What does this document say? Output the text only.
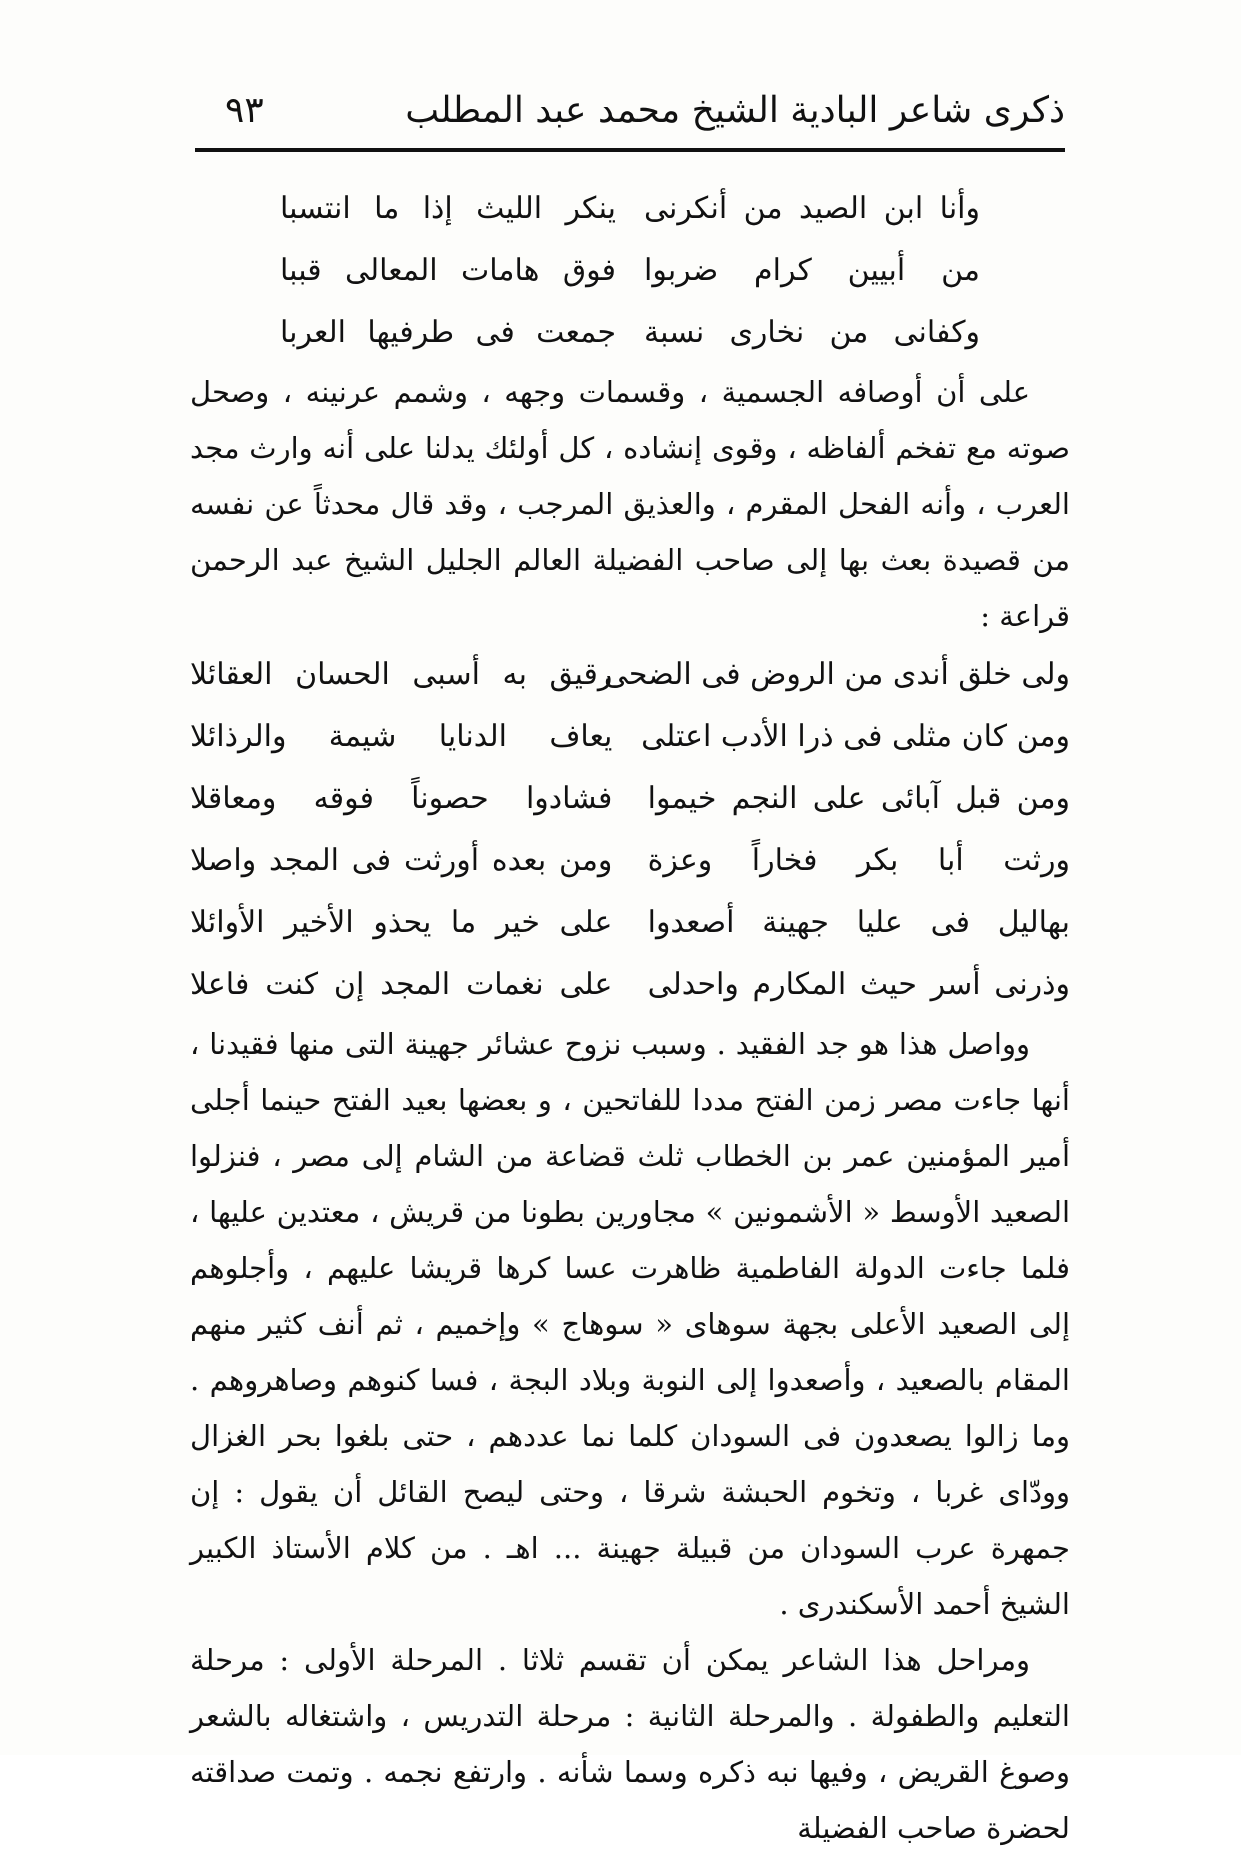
ذكرى شاعر البادية الشيخ محمد عبد المطلب
٩٣
وأنا ابن الصيد من أنكرنى
ينكر الليث إذا ما انتسبا
من أبيين كرام ضربوا
فوق هامات المعالى قببا
وكفانى من نخارى نسبة
جمعت فى طرفيها العربا

على أن أوصافه الجسمية ، وقسمات وجهه ، وشمم عرنينه ، وصحل صوته مع تفخم ألفاظه ، وقوى إنشاده ، كل أولئك يدلنا على أنه وارث مجد العرب ، وأنه الفحل المقرم ، والعذيق المرجب ، وقد قال محدثاً عن نفسه من قصيدة بعث بها إلى صاحب الفضيلة العالم الجليل الشيخ عبد الرحمن قراعة :

ولى خلق أندى من الروض فى الضحى
رقيق به أسبى الحسان العقائلا
ومن كان مثلى فى ذرا الأدب اعتلى
يعاف الدنايا شيمة والرذائلا
ومن قبل آبائى على النجم خيموا
فشادوا حصوناً فوقه ومعاقلا
ورثت أبا بكر فخاراً وعزة
ومن بعده أورثت فى المجد واصلا
بهاليل فى عليا جهينة أصعدوا
على خير ما يحذو الأخير الأوائلا
وذرنى أسر حيث المكارم واحدلى
على نغمات المجد إن كنت فاعلا

وواصل هذا هو جد الفقيد . وسبب نزوح عشائر جهينة التى منها فقيدنا ، أنها جاءت مصر زمن الفتح مددا للفاتحين ، و بعضها بعيد الفتح حينما أجلى أمير المؤمنين عمر بن الخطاب ثلث قضاعة من الشام إلى مصر ، فنزلوا الصعيد الأوسط « الأشمونين » مجاورين بطونا من قريش ، معتدين عليها ، فلما جاءت الدولة الفاطمية ظاهرت عسا كرها قريشا عليهم ، وأجلوهم إلى الصعيد الأعلى بجهة سوهاى « سوهاج » وإخميم ، ثم أنف كثير منهم المقام بالصعيد ، وأصعدوا إلى النوبة وبلاد البجة ، فسا كنوهم وصاهروهم . وما زالوا يصعدون فى السودان كلما نما عددهم ، حتى بلغوا بحر الغزال وودّاى غربا ، وتخوم الحبشة شرقا ، وحتى ليصح القائل أن يقول : إن جمهرة عرب السودان من قبيلة جهينة ... اهـ . من كلام الأستاذ الكبير الشيخ أحمد الأسكندرى .

ومراحل هذا الشاعر يمكن أن تقسم ثلاثا . المرحلة الأولى : مرحلة التعليم والطفولة . والمرحلة الثانية : مرحلة التدريس ، واشتغاله بالشعر وصوغ القريض ، وفيها نبه ذكره وسما شأنه . وارتفع نجمه . وتمت صداقته لحضرة صاحب الفضيلة
